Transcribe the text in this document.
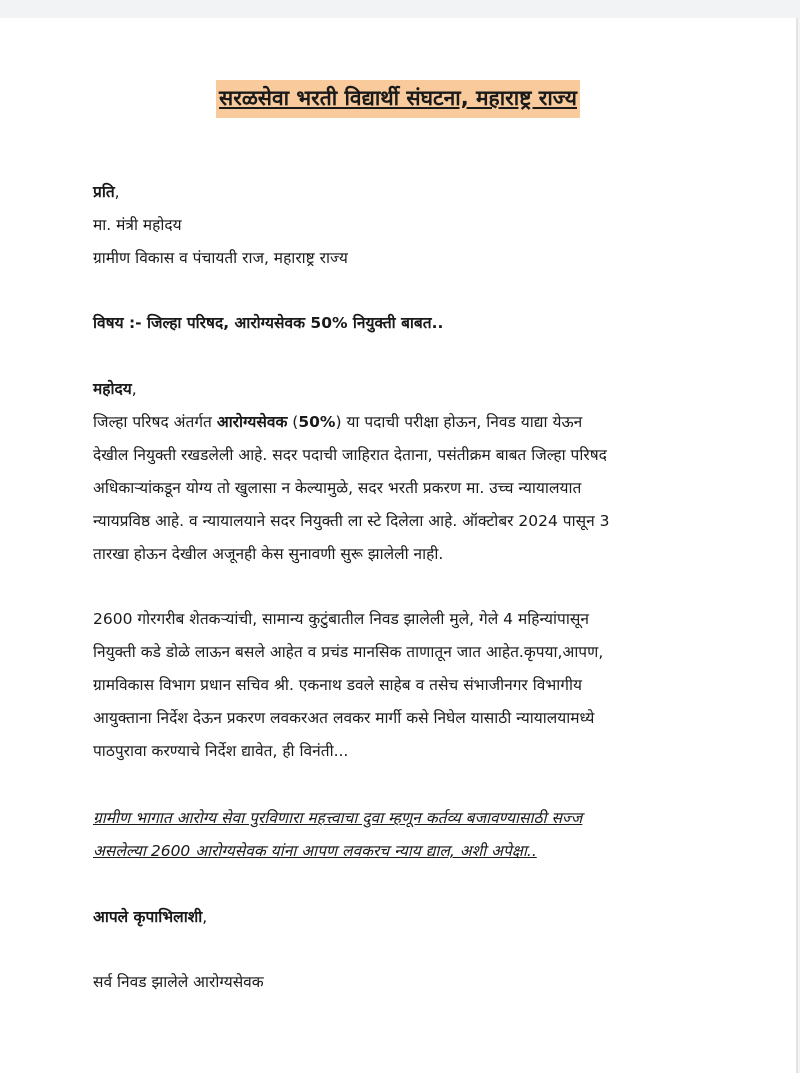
सरळसेवा भरती विद्यार्थी संघटना, महाराष्ट्र राज्य
प्रति,
मा. मंत्री महोदय
ग्रामीण विकास व पंचायती राज, महाराष्ट्र राज्य
विषय :- जिल्हा परिषद, आरोग्यसेवक 50% नियुक्ती बाबत..
महोदय,
जिल्हा परिषद अंतर्गत आरोग्यसेवक (50%) या पदाची परीक्षा होऊन, निवड याद्या येऊन
देखील नियुक्ती रखडलेली आहे. सदर पदाची जाहिरात देताना, पसंतीक्रम बाबत जिल्हा परिषद
अधिकाऱ्यांकडून योग्य तो खुलासा न केल्यामुळे, सदर भरती प्रकरण मा. उच्च न्यायालयात
न्यायप्रविष्ठ आहे. व न्यायालयाने सदर नियुक्ती ला स्टे दिलेला आहे. ऑक्टोबर 2024 पासून 3
तारखा होऊन देखील अजूनही केस सुनावणी सुरू झालेली नाही.
2600 गोरगरीब शेतकऱ्यांची, सामान्य कुटुंबातील निवड झालेली मुले, गेले 4 महिन्यांपासून
नियुक्ती कडे डोळे लाऊन बसले आहेत व प्रचंड मानसिक ताणातून जात आहेत.कृपया,आपण,
ग्रामविकास विभाग प्रधान सचिव श्री. एकनाथ डवले साहेब व तसेच संभाजीनगर विभागीय
आयुक्ताना निर्देश देऊन प्रकरण लवकरअत लवकर मार्गी कसे निघेल यासाठी न्यायालयामध्ये
पाठपुरावा करण्याचे निर्देश द्यावेत, ही विनंती...
ग्रामीण भागात आरोग्य सेवा पुरविणारा महत्त्वाचा दुवा म्हणून कर्तव्य बजावण्यासाठी सज्ज
असलेल्या 2600 आरोग्यसेवक यांना आपण लवकरच न्याय द्याल, अशी अपेक्षा..
आपले कृपाभिलाशी,
सर्व निवड झालेले आरोग्यसेवक
